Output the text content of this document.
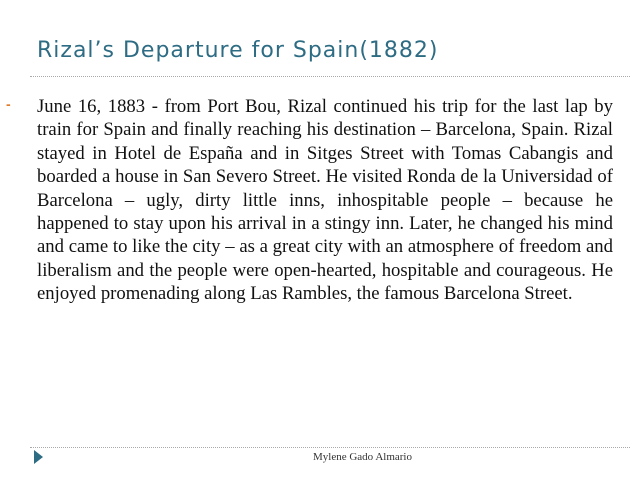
Rizal’s Departure for Spain(1882)
- June 16, 1883 - from Port Bou, Rizal continued his trip for the last lap by train for Spain and finally reaching his destination – Barcelona, Spain. Rizal stayed in Hotel de España and in Sitges Street with Tomas Cabangis and boarded a house in San Severo Street. He visited Ronda de la Universidad of Barcelona – ugly, dirty little inns, inhospitable people – because he happened to stay upon his arrival in a stingy inn. Later, he changed his mind and came to like the city – as a great city with an atmosphere of freedom and liberalism and the people were open-hearted, hospitable and courageous. He enjoyed promenading along Las Rambles, the famous Barcelona Street.
Mylene Gado Almario
